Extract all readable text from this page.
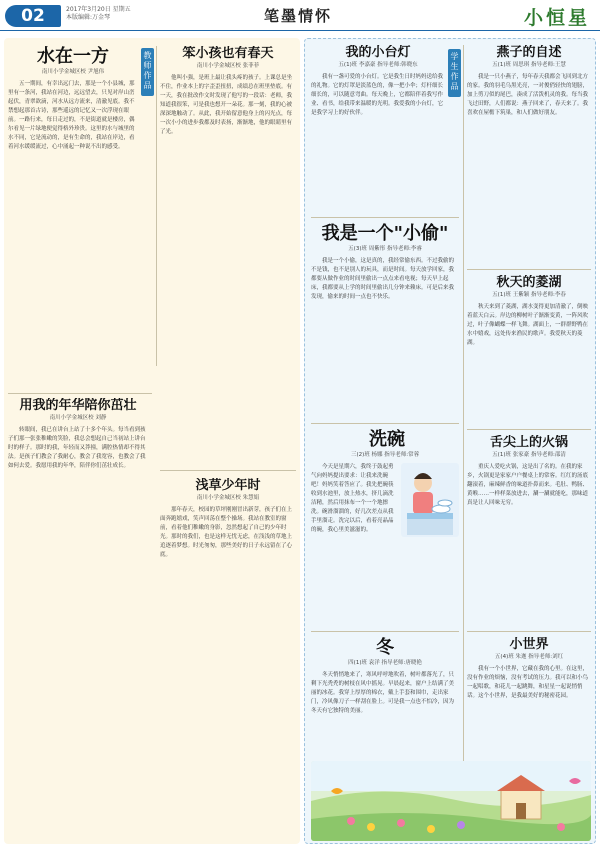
02	2017年3月20日 星期五
本版编辑:万金琴	笔墨情怀	小恒星
教师作品
水在一方
南川小学金城区校 尹旭伟
五一期间，有幸出远门去，那是一个小县城，那里有一条河，我站在河边，远远望去，只见对岸山峦起伏，青翠欲滴，河水从远方流来，清澈见底。我不禁想起那首古诗，那些遥远的记忆又一次浮现在眼前。一路行来，每日走过的，不是街道就是楼房，偶尔看见一片绿地便觉得格外珍贵。这里的水与城里的水不同，它是流动的，是有生命的，我站在岸边，看着河水缓缓流过，心中涌起一种说不出的感受。
笨小孩也有春天
南川小学金城区校 张菲菲
他叫小强，是班上最让我头疼的孩子。上课总是坐不住，作业本上的字歪歪扭扭，成绩总在班里垫底。有一天，我在批改作文时发现了他写的一段话：老师，我知道我很笨，可是我也想开一朵花。那一刻，我的心被深深地触动了。从此，我开始留意他身上的闪光点，每一次小小的进步我都及时表扬，渐渐地，他的眼睛里有了光。
用我的年华陪你茁壮
南川小学金城区校 刘静
转眼间，我已在讲台上站了十多个年头。每当看到孩子们那一张张稚嫩的笑脸，我总会想起自己当初站上讲台时的样子。那时的我，年轻而又莽撞，满腔热情却不得其法。是孩子们教会了我耐心，教会了我宽容，也教会了我如何去爱。我愿用我的年华，陪伴你们茁壮成长。
浅草少年时
南川小学金城区校 朱慧娟
那年春天，校园的草坪刚刚冒出新芽，孩子们在上面奔跑嬉戏，笑声回荡在整个操场。我站在教室的窗前，看着他们稚嫩的身影，忽然想起了自己的少年时光。那时的我们，也是这样无忧无虑，在浅浅的草地上追逐着梦想。时光匆匆，那些美好的日子永远留在了心底。
学生作品
我的小台灯
五(1)班 李嘉豪 指导老师:韩晓东
我有一盏可爱的小台灯。它是我生日时妈妈送给我的礼物。它的灯罩是淡蓝色的，像一把小伞；灯杆细长细长的，可以随意弯曲。每天晚上，它都陪伴着我写作业、看书，给我带来温暖的光明。我爱我的小台灯，它是我学习上的好伙伴。
燕子的自述
五(1)班 周思琪 指导老师:王慧
我是一只小燕子，每年春天我都会飞回到北方的家。我的羽毛乌黑光亮，一对俊俏轻快的翅膀，加上剪刀似的尾巴，凑成了活泼机灵的我。每当我飞过田野，人们都说：燕子回来了，春天来了。我喜欢在屋檐下筑巢，和人们做好朋友。
我是一个"小偷"
五(3)班 周紫彤 指导老师:李睿
我是一个小偷，这是真的，我经常偷东西。不过我偷的不是钱，也不是别人的玩具，而是时间。每天放学回家，我都要从做作业的时间里偷出一点点来看电视；每天早上起床，我都要从上学的时间里偷出几分钟来赖床。可是后来我发现，偷来的时间一点也不快乐。
秋天的菱湖
五(1)班 王紫颖 指导老师:李春
秋天来到了菱湖，湖水变得更加清澈了，倒映着蓝天白云。岸边的柳树叶子渐渐变黄，一阵风吹过，叶子像蝴蝶一样飞舞。湖面上，一群群野鸭在水中嬉戏，远处传来渔民的歌声。我爱秋天的菱湖。
洗碗
三(2)班 杨娜 指导老师:常蓉
今天是星期六，我终于鼓起勇气向妈妈提出要求：让我来洗碗吧！妈妈笑着答应了。我先把碗筷收到水池里，放上热水，挤几滴洗洁精，然后用抹布一个一个地擦洗。碗滑溜溜的，好几次差点从我手里溜走。洗完以后，看着亮晶晶的碗，我心里美滋滋的。
舌尖上的火锅
五(1)班 张家豪 指导老师:邵清
重庆人爱吃火锅，这是出了名的。在我的家乡，火锅更是家家户户餐桌上的常客。红红的汤底翻滚着，麻辣鲜香的味道扑鼻而来。毛肚、鸭肠、黄喉……一样样菜放进去，涮一涮就能吃，那味道真是让人回味无穷。
冬
四(1)班 袁洋 指导老师:唐晓艳
冬天悄悄地来了，寒风呼呼地吹着，树叶都落光了，只剩下光秃秃的树枝在风中摇晃。早晨起来，窗户上结满了美丽的冰花。我穿上厚厚的棉衣，戴上手套和围巾，走出家门，冷风像刀子一样刮在脸上。可是我一点也不怕冷，因为冬天有它独特的美丽。
小世界
五(4)班 朱迦 指导老师:刘红
我有一个小世界，它藏在我的心里。在这里，没有作业的烦恼，没有考试的压力。我可以和小鸟一起唱歌，和花儿一起跳舞，和星星一起说悄悄话。这个小世界，是我最美好的秘密花园。
